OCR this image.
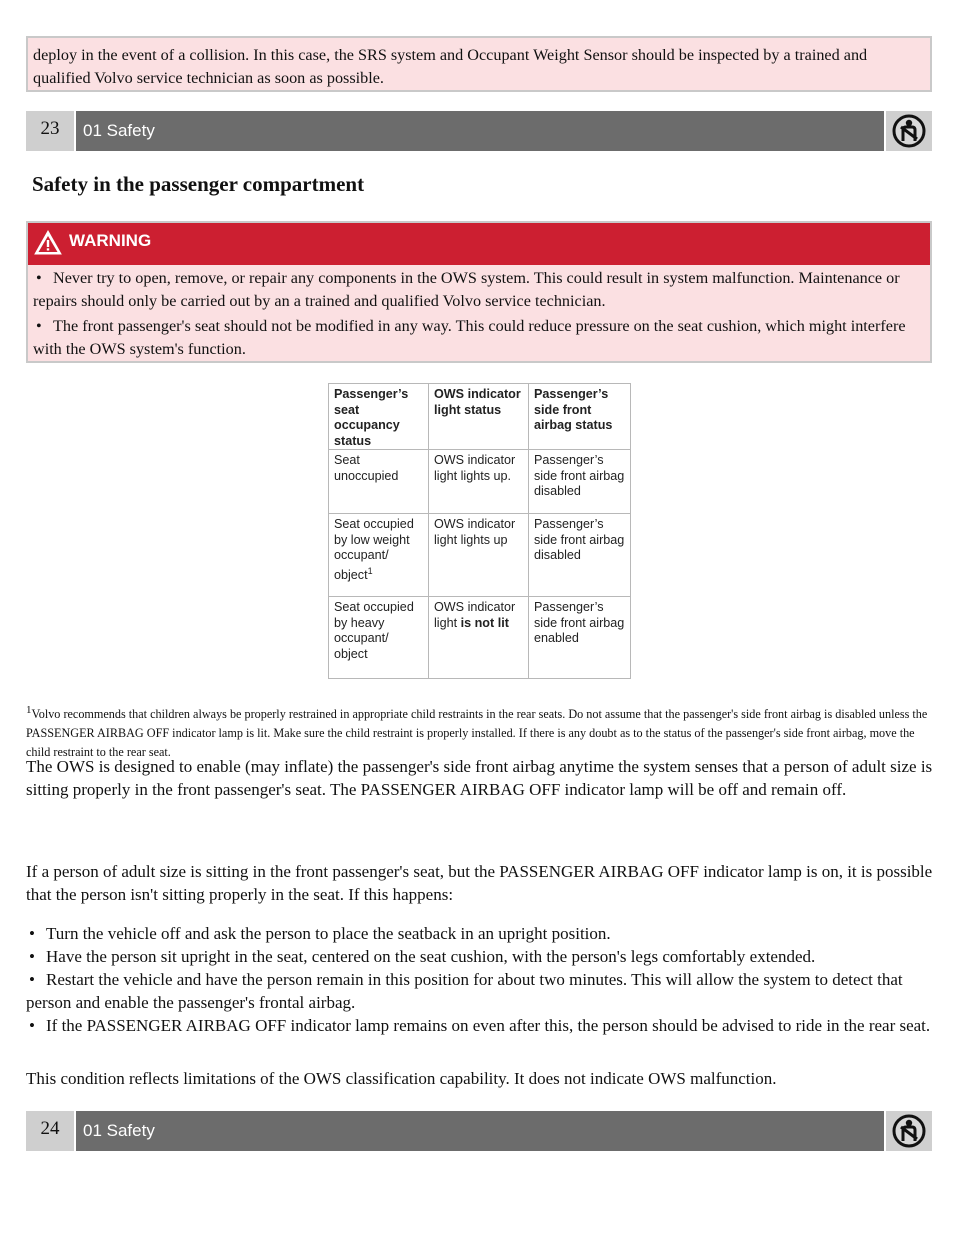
deploy in the event of a collision. In this case, the SRS system and Occupant Weight Sensor should be inspected by a trained and qualified Volvo service technician as soon as possible.
23	01 Safety
Safety in the passenger compartment
WARNING
• Never try to open, remove, or repair any components in the OWS system. This could result in system malfunction. Maintenance or repairs should only be carried out by an a trained and qualified Volvo service technician.
• The front passenger's seat should not be modified in any way. This could reduce pressure on the seat cushion, which might interfere with the OWS system's function.
Passenger’s seat occupancy status	OWS indicator light status	Passenger’s side front airbag status
Seat unoccupied	OWS indicator light lights up.	Passenger’s side front airbag disabled
Seat occupied by low weight occupant/ object$^1$	OWS indicator light lights up	Passenger’s side front airbag disabled
Seat occupied by heavy occupant/ object	OWS indicator light is not lit	Passenger’s side front airbag enabled
$^1$Volvo recommends that children always be properly restrained in appropriate child restraints in the rear seats. Do not assume that the passenger's side front airbag is disabled unless the PASSENGER AIRBAG OFF indicator lamp is lit. Make sure the child restraint is properly installed. If there is any doubt as to the status of the passenger's side front airbag, move the child restraint to the rear seat.

The OWS is designed to enable (may inflate) the passenger's side front airbag anytime the system senses that a person of adult size is sitting properly in the front passenger's seat. The PASSENGER AIRBAG OFF indicator lamp will be off and remain off.

If a person of adult size is sitting in the front passenger's seat, but the PASSENGER AIRBAG OFF indicator lamp is on, it is possible that the person isn't sitting properly in the seat. If this happens:

• Turn the vehicle off and ask the person to place the seatback in an upright position.
• Have the person sit upright in the seat, centered on the seat cushion, with the person's legs comfortably extended.
• Restart the vehicle and have the person remain in this position for about two minutes. This will allow the system to detect that person and enable the passenger's frontal airbag.
• If the PASSENGER AIRBAG OFF indicator lamp remains on even after this, the person should be advised to ride in the rear seat.

This condition reflects limitations of the OWS classification capability. It does not indicate OWS malfunction.

24	01 Safety
